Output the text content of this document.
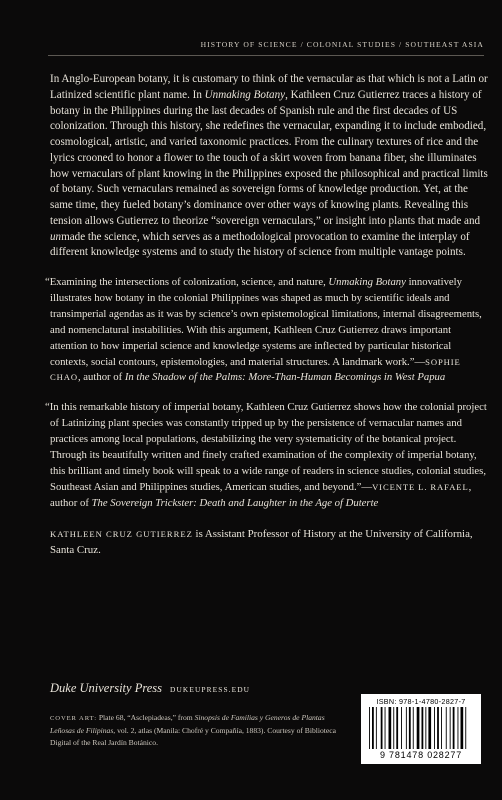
HISTORY OF SCIENCE / COLONIAL STUDIES / SOUTHEAST ASIA

In Anglo-European botany, it is customary to think of the vernacular as that which is not a Latin or Latinized scientific plant name. In Unmaking Botany, Kathleen Cruz Gutierrez traces a history of botany in the Philippines during the last decades of Spanish rule and the first decades of US colonization. Through this history, she redefines the vernacular, expanding it to include embodied, cosmological, artistic, and varied taxonomic practices. From the culinary textures of rice and the lyrics crooned to honor a flower to the touch of a skirt woven from banana fiber, she illuminates how vernaculars of plant knowing in the Philippines exposed the philosophical and practical limits of botany. Such vernaculars remained as sovereign forms of knowledge production. Yet, at the same time, they fueled botany’s dominance over other ways of knowing plants. Revealing this tension allows Gutierrez to theorize “sovereign vernaculars,” or insight into plants that made and unmade the science, which serves as a methodological provocation to examine the interplay of different knowledge systems and to study the history of science from multiple vantage points.

“Examining the intersections of colonization, science, and nature, Unmaking Botany innovatively illustrates how botany in the colonial Philippines was shaped as much by scientific ideals and transimperial agendas as it was by science’s own epistemological limitations, internal disagreements, and nomenclatural instabilities. With this argument, Kathleen Cruz Gutierrez draws important attention to how imperial science and knowledge systems are inflected by particular historical contexts, social contours, epistemologies, and material structures. A landmark work.”—SOPHIE CHAO, author of In the Shadow of the Palms: More-Than-Human Becomings in West Papua

“In this remarkable history of imperial botany, Kathleen Cruz Gutierrez shows how the colonial project of Latinizing plant species was constantly tripped up by the persistence of vernacular names and practices among local populations, destabilizing the very systematicity of the botanical project. Through its beautifully written and finely crafted examination of the complexity of imperial botany, this brilliant and timely book will speak to a wide range of readers in science studies, colonial studies, Southeast Asian and Philippines studies, American studies, and beyond.”—VICENTE L. RAFAEL, author of The Sovereign Trickster: Death and Laughter in the Age of Duterte

KATHLEEN CRUZ GUTIERREZ is Assistant Professor of History at the University of California, Santa Cruz.

Duke University Press DUKEUPRESS.EDU
COVER ART: Plate 68, “Asclepiadeas,” from Sinopsis de Familias y Generos de Plantas Leñosas de Filipinas, vol. 2, atlas (Manila: Chofré y Compañía, 1883). Courtesy of Biblioteca Digital of the Real Jardín Botánico.
ISBN: 978-1-4780-2827-7
9 781478 028277
